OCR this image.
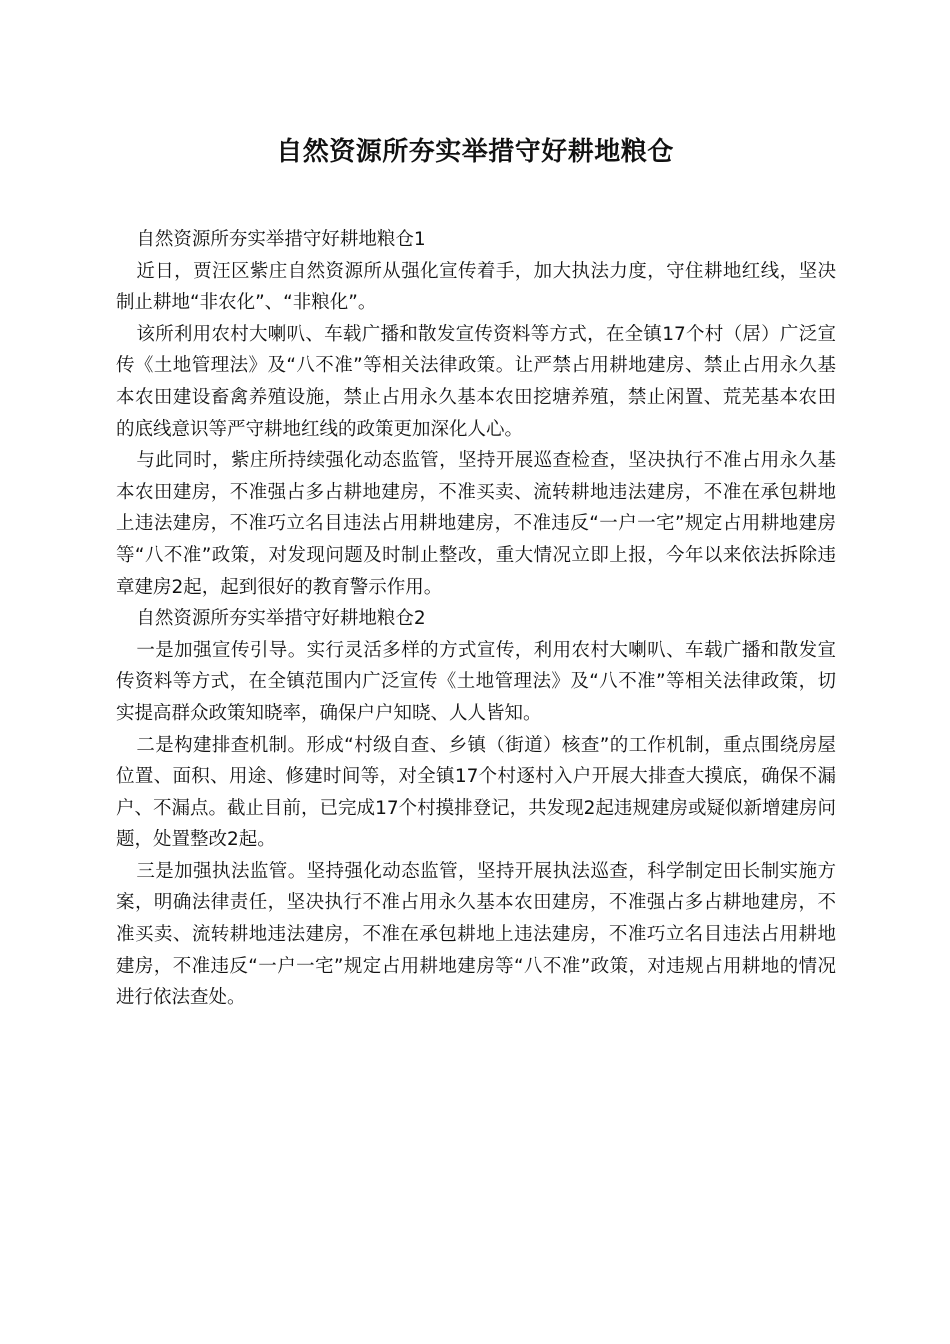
自然资源所夯实举措守好耕地粮仓

自然资源所夯实举措守好耕地粮仓1

近日，贾汪区紫庄自然资源所从强化宣传着手，加大执法力度，守住耕地红线，坚决制止耕地“非农化”、“非粮化”。

该所利用农村大喇叭、车载广播和散发宣传资料等方式，在全镇17个村（居）广泛宣传《土地管理法》及“八不准”等相关法律政策。让严禁占用耕地建房、禁止占用永久基本农田建设畜禽养殖设施，禁止占用永久基本农田挖塘养殖，禁止闲置、荒芜基本农田的底线意识等严守耕地红线的政策更加深化人心。

与此同时，紫庄所持续强化动态监管，坚持开展巡查检查，坚决执行不准占用永久基本农田建房，不准强占多占耕地建房，不准买卖、流转耕地违法建房，不准在承包耕地上违法建房，不准巧立名目违法占用耕地建房，不准违反“一户一宅”规定占用耕地建房等“八不准”政策，对发现问题及时制止整改，重大情况立即上报，今年以来依法拆除违章建房2起，起到很好的教育警示作用。

自然资源所夯实举措守好耕地粮仓2

一是加强宣传引导。实行灵活多样的方式宣传，利用农村大喇叭、车载广播和散发宣传资料等方式，在全镇范围内广泛宣传《土地管理法》及“八不准”等相关法律政策，切实提高群众政策知晓率，确保户户知晓、人人皆知。

二是构建排查机制。形成“村级自查、乡镇（街道）核查”的工作机制，重点围绕房屋位置、面积、用途、修建时间等，对全镇17个村逐村入户开展大排查大摸底，确保不漏户、不漏点。截止目前，已完成17个村摸排登记，共发现2起违规建房或疑似新增建房问题，处置整改2起。

三是加强执法监管。坚持强化动态监管，坚持开展执法巡查，科学制定田长制实施方案，明确法律责任，坚决执行不准占用永久基本农田建房，不准强占多占耕地建房，不准买卖、流转耕地违法建房，不准在承包耕地上违法建房，不准巧立名目违法占用耕地建房，不准违反“一户一宅”规定占用耕地建房等“八不准”政策，对违规占用耕地的情况进行依法查处。
